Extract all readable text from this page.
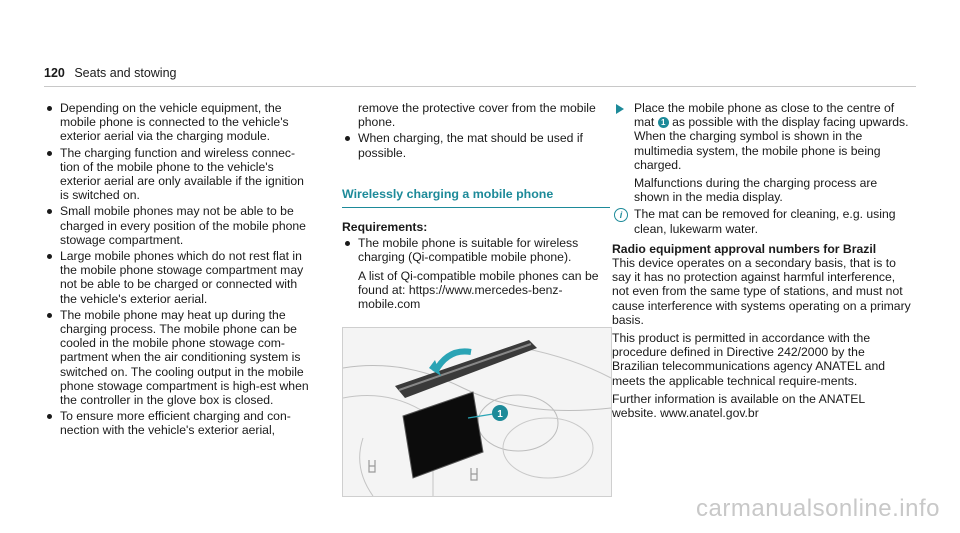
120 Seats and stowing
Depending on the vehicle equipment, the mobile phone is connected to the vehicle's exterior aerial via the charging module.
The charging function and wireless connec-tion of the mobile phone to the vehicle's exterior aerial are only available if the ignition is switched on.
Small mobile phones may not be able to be charged in every position of the mobile phone stowage compartment.
Large mobile phones which do not rest flat in the mobile phone stowage compartment may not be able to be charged or connected with the vehicle's exterior aerial.
The mobile phone may heat up during the charging process. The mobile phone can be cooled in the mobile phone stowage com-partment when the air conditioning system is switched on. The cooling output in the mobile phone stowage compartment is high-est when the controller in the glove box is closed.
To ensure more efficient charging and con-nection with the vehicle's exterior aerial,
remove the protective cover from the mobile phone.
When charging, the mat should be used if possible.
Wirelessly charging a mobile phone
Requirements:
The mobile phone is suitable for wireless charging (Qi-compatible mobile phone).
A list of Qi-compatible mobile phones can be found at: https://www.mercedes-benz-mobile.com
1

Place the mobile phone as close to the centre of mat 1 as possible with the display facing upwards.

When the charging symbol is shown in the multimedia system, the mobile phone is being charged.

Malfunctions during the charging process are shown in the media display.

i The mat can be removed for cleaning, e.g. using clean, lukewarm water.

Radio equipment approval numbers for Brazil

This device operates on a secondary basis, that is to say it has no protection against harmful interference, not even from the same type of stations, and must not cause interference with systems operating on a primary basis.

This product is permitted in accordance with the procedure defined in Directive 242/2000 by the Brazilian telecommunications agency ANATEL and meets the applicable technical require-ments.

Further information is available on the ANATEL website. www.anatel.gov.br

carmanualsonline.info
